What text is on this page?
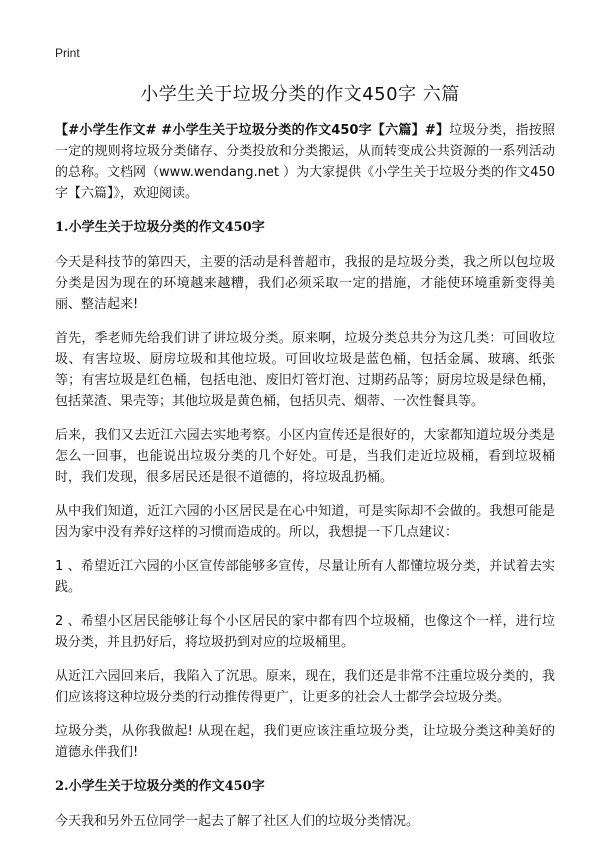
Print
小学生关于垃圾分类的作文450字 六篇

【#小学生作文# #小学生关于垃圾分类的作文450字【六篇】#】垃圾分类，指按照一定的规则将垃圾分类储存、分类投放和分类搬运，从而转变成公共资源的一系列活动的总称。文档网（www.wendang.net ）为大家提供《小学生关于垃圾分类的作文450字【六篇】》，欢迎阅读。

1.小学生关于垃圾分类的作文450字

今天是科技节的第四天，主要的活动是科普超市，我报的是垃圾分类，我之所以包垃圾分类是因为现在的环境越来越糟，我们必须采取一定的措施，才能使环境重新变得美丽、整洁起来!

首先，季老师先给我们讲了讲垃圾分类。原来啊，垃圾分类总共分为这几类：可回收垃圾、有害垃圾、厨房垃圾和其他垃圾。可回收垃圾是蓝色桶，包括金属、玻璃、纸张等；有害垃圾是红色桶，包括电池、废旧灯管灯泡、过期药品等；厨房垃圾是绿色桶，包括菜渣、果壳等；其他垃圾是黄色桶，包括贝壳、烟蒂、一次性餐具等。

后来，我们又去近江六园去实地考察。小区内宣传还是很好的，大家都知道垃圾分类是怎么一回事，也能说出垃圾分类的几个好处。可是，当我们走近垃圾桶，看到垃圾桶时，我们发现，很多居民还是很不道德的，将垃圾乱扔桶。

从中我们知道，近江六园的小区居民是在心中知道，可是实际却不会做的。我想可能是因为家中没有养好这样的习惯而造成的。所以，我想提一下几点建议：

1 、希望近江六园的小区宣传部能够多宣传，尽量让所有人都懂垃圾分类，并试着去实践。

2 、希望小区居民能够让每个小区居民的家中都有四个垃圾桶，也像这个一样，进行垃圾分类，并且扔好后，将垃圾扔到对应的垃圾桶里。

从近江六园回来后，我陷入了沉思。原来，现在，我们还是非常不注重垃圾分类的，我们应该将这种垃圾分类的行动推传得更广，让更多的社会人士都学会垃圾分类。

垃圾分类，从你我做起! 从现在起，我们更应该注重垃圾分类，让垃圾分类这种美好的道德永伴我们!

2.小学生关于垃圾分类的作文450字

今天我和另外五位同学一起去了解了社区人们的垃圾分类情况。
